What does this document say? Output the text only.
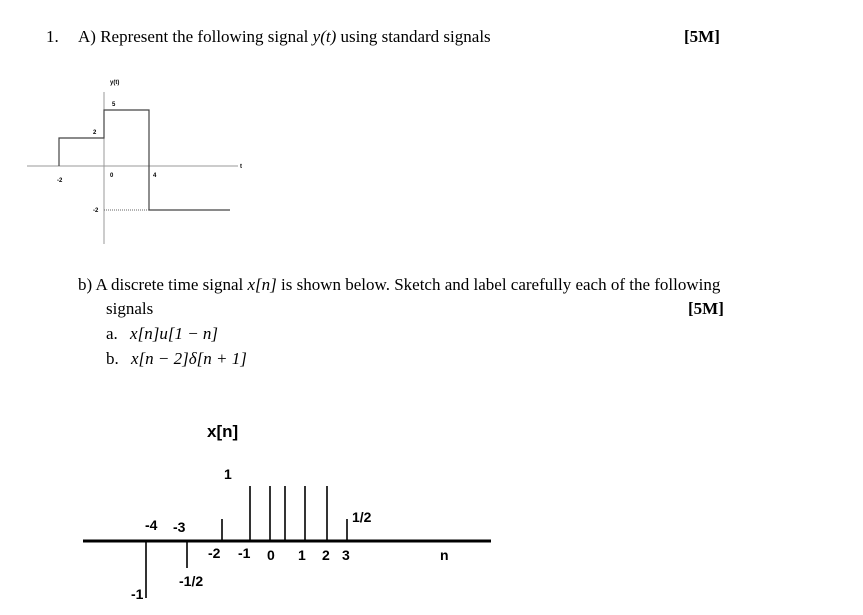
1. A) Represent the following signal y(t) using standard signals	[5M]
y(t)
t
5
2
0	4
-2
-2
b) A discrete time signal x[n] is shown below. Sketch and label carefully each of the following
signals	[5M]
a. x[n]u[1 − n]
b. x[n − 2]δ[n + 1]
x[n]
1
1/2
-4 -3
-2 -1 0 1 2 3	n
-1/2
-1
